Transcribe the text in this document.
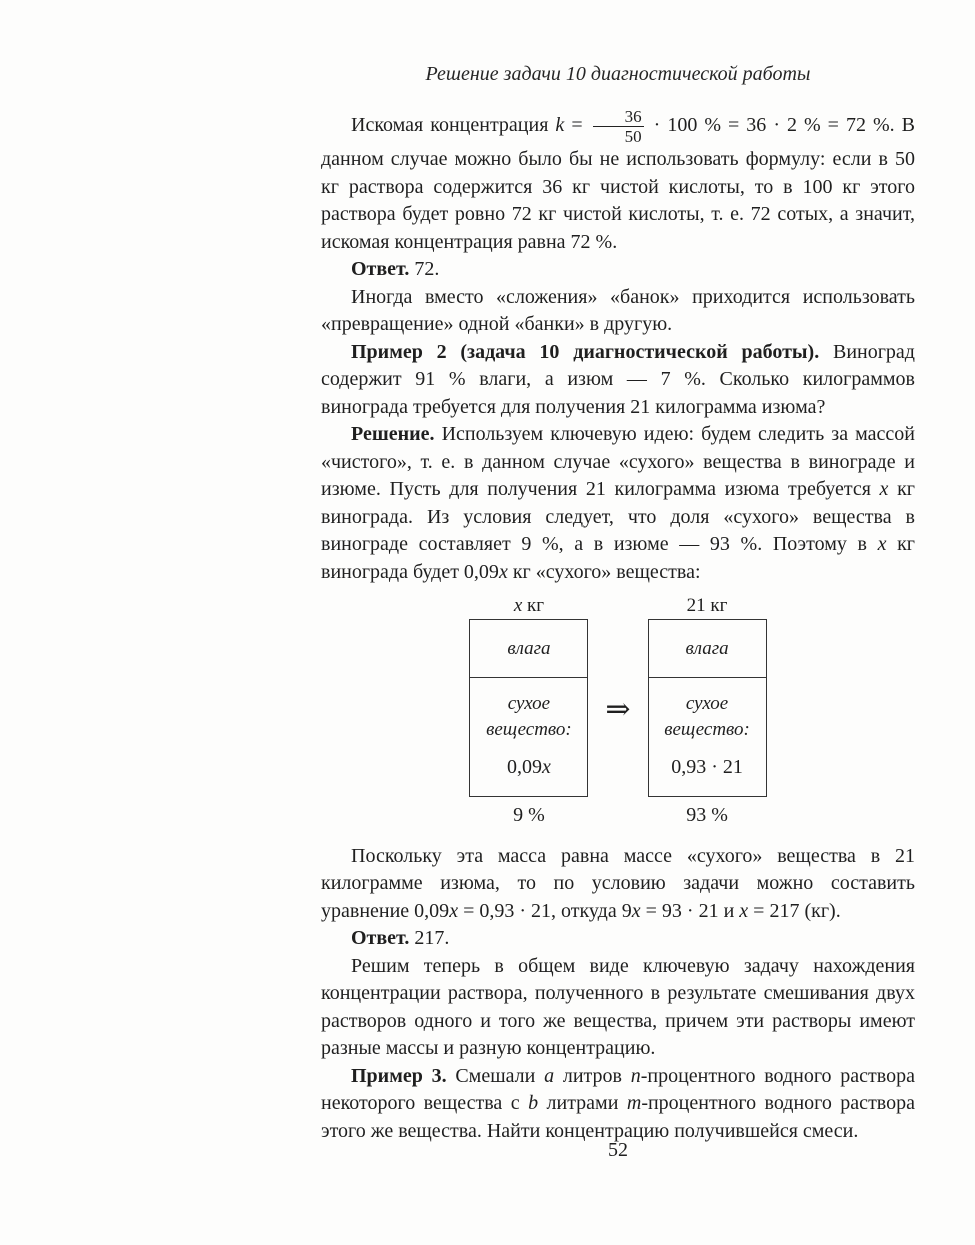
Решение задачи 10 диагностической работы

Искомая концентрация $k = \frac{36}{50} \cdot 100$ % = 36 · 2 % = 72 %. В данном случае можно было бы не использовать формулу: если в 50 кг раствора содержится 36 кг чистой кислоты, то в 100 кг этого раствора будет ровно 72 кг чистой кислоты, т. е. 72 сотых, а значит, искомая концентрация равна 72 %.

Ответ. 72.

Иногда вместо «сложения» «банок» приходится использовать «превращение» одной «банки» в другую.

Пример 2 (задача 10 диагностической работы). Виноград содержит 91 % влаги, а изюм — 7 %. Сколько килограммов винограда требуется для получения 21 килограмма изюма?

Решение. Используем ключевую идею: будем следить за массой «чистого», т. е. в данном случае «сухого» вещества в винограде и изюме. Пусть для получения 21 килограмма изюма требуется x кг винограда. Из условия следует, что доля «сухого» вещества в винограде составляет 9 %, а в изюме — 93 %. Поэтому в x кг винограда будет 0,09x кг «сухого» вещества:

x кг
влага
сухое
вещество:
0,09x
9 %
⇒
21 кг
влага
сухое
вещество:
0,93 · 21
93 %

Поскольку эта масса равна массе «сухого» вещества в 21 килограмме изюма, то по условию задачи можно составить уравнение 0,09x = 0,93 · 21, откуда 9x = 93 · 21 и x = 217 (кг).

Ответ. 217.

Решим теперь в общем виде ключевую задачу нахождения концентрации раствора, полученного в результате смешивания двух растворов одного и того же вещества, причем эти растворы имеют разные массы и разную концентрацию.

Пример 3. Смешали a литров n-процентного водного раствора некоторого вещества с b литрами m-процентного водного раствора этого же вещества. Найти концентрацию получившейся смеси.

52
